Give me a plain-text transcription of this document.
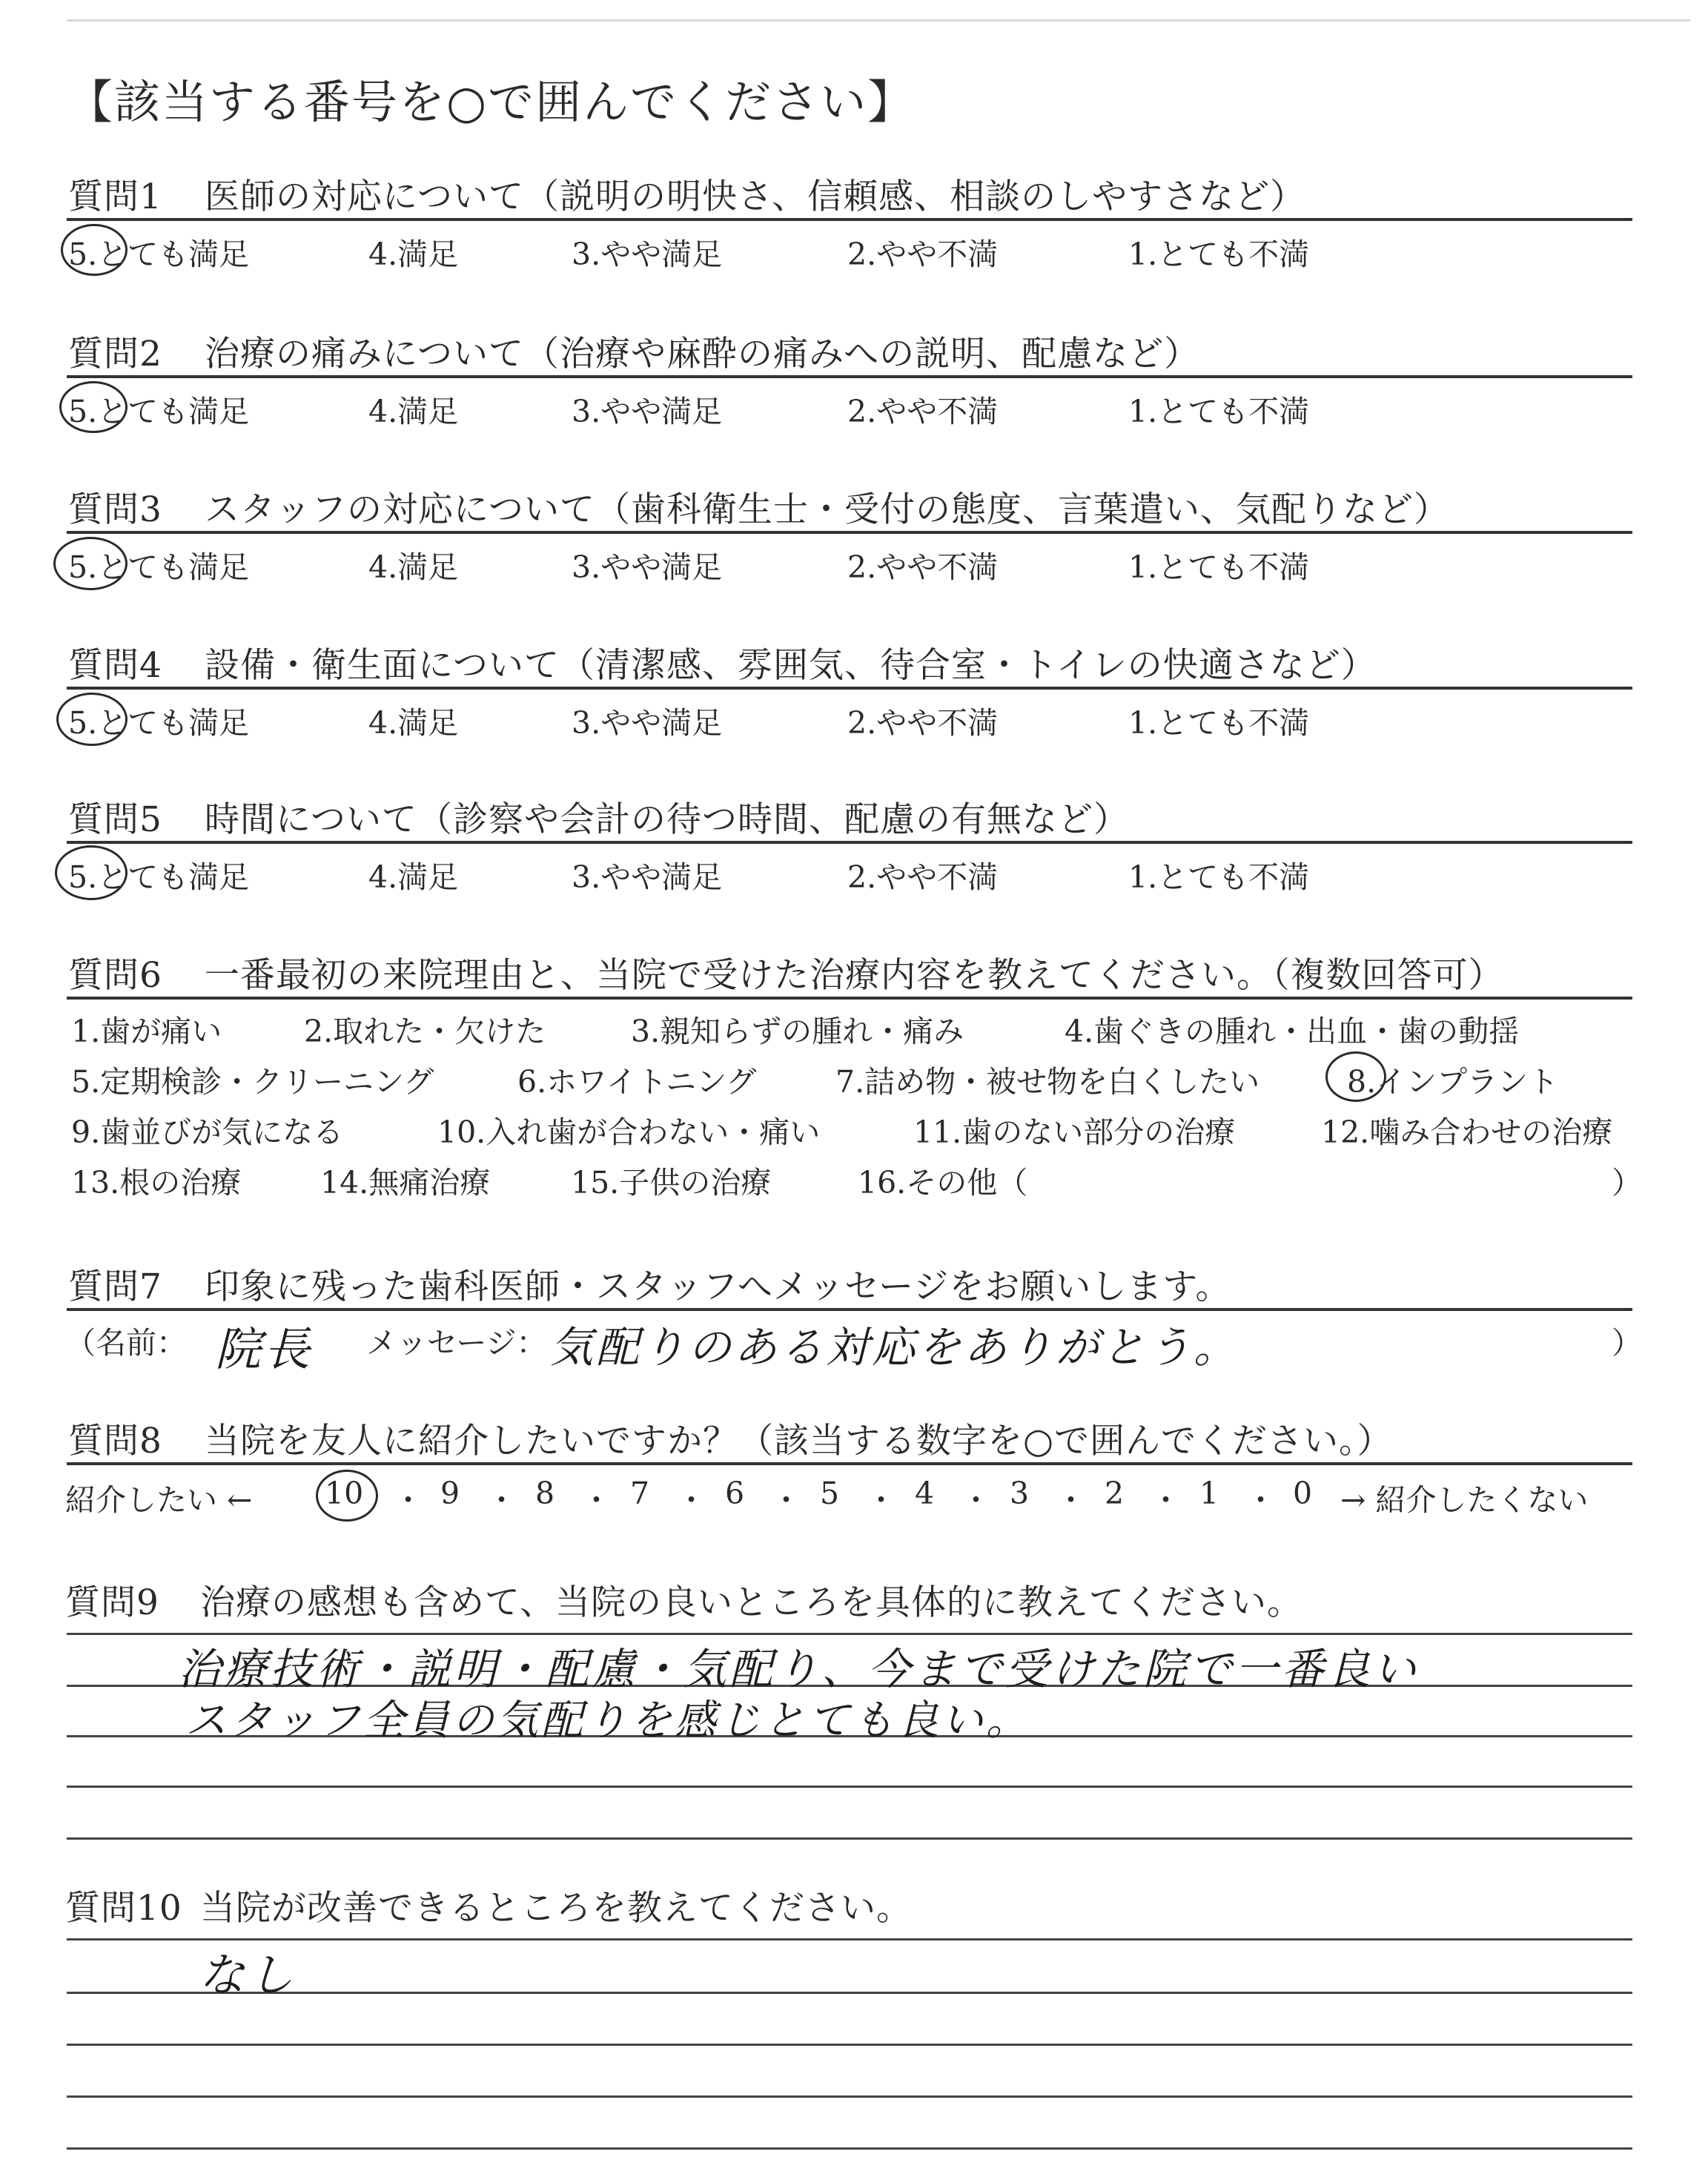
【該当する番号を○で囲んでください】
質問1 医師の対応について（説明の明快さ、信頼感、相談のしやすさなど）
5.とても満足	4.満足	3.やや満足	2.やや不満	1.とても不満
質問2 治療の痛みについて（治療や麻酔の痛みへの説明、配慮など）
5.とても満足	4.満足	3.やや満足	2.やや不満	1.とても不満
質問3 スタッフの対応について（歯科衛生士・受付の態度、言葉遣い、気配りなど）
5.とても満足	4.満足	3.やや満足	2.やや不満	1.とても不満
質問4 設備・衛生面について（清潔感、雰囲気、待合室・トイレの快適さなど）
5.とても満足	4.満足	3.やや満足	2.やや不満	1.とても不満
質問5 時間について（診察や会計の待つ時間、配慮の有無など）
5.とても満足	4.満足	3.やや満足	2.やや不満	1.とても不満
質問6 一番最初の来院理由と、当院で受けた治療内容を教えてください。（複数回答可）
1.歯が痛い	2.取れた・欠けた	3.親知らずの腫れ・痛み	4.歯ぐきの腫れ・出血・歯の動揺
5.定期検診・クリーニング	6.ホワイトニング	7.詰め物・被せ物を白くしたい	8.インプラント
9.歯並びが気になる	10.入れ歯が合わない・痛い	11.歯のない部分の治療	12.噛み合わせの治療
13.根の治療	14.無痛治療	15.子供の治療	16.その他（	）
質問7 印象に残った歯科医師・スタッフへメッセージをお願いします。
（名前： 院長 メッセージ： 気配りのある対応をありがとう。	）
質問8 当院を友人に紹介したいですか？（該当する数字を○で囲んでください。）
紹介したい ← 10 ・ 9 ・ 8 ・ 7 ・ 6 ・ 5 ・ 4 ・ 3 ・ 2 ・ 1 ・ 0 → 紹介したくない
質問9 治療の感想も含めて、当院の良いところを具体的に教えてください。
治療技術・説明・配慮・気配り、今まで受けた院で一番良い
スタッフ全員の気配りを感じとても良い。
質問10 当院が改善できるところを教えてください。
なし
